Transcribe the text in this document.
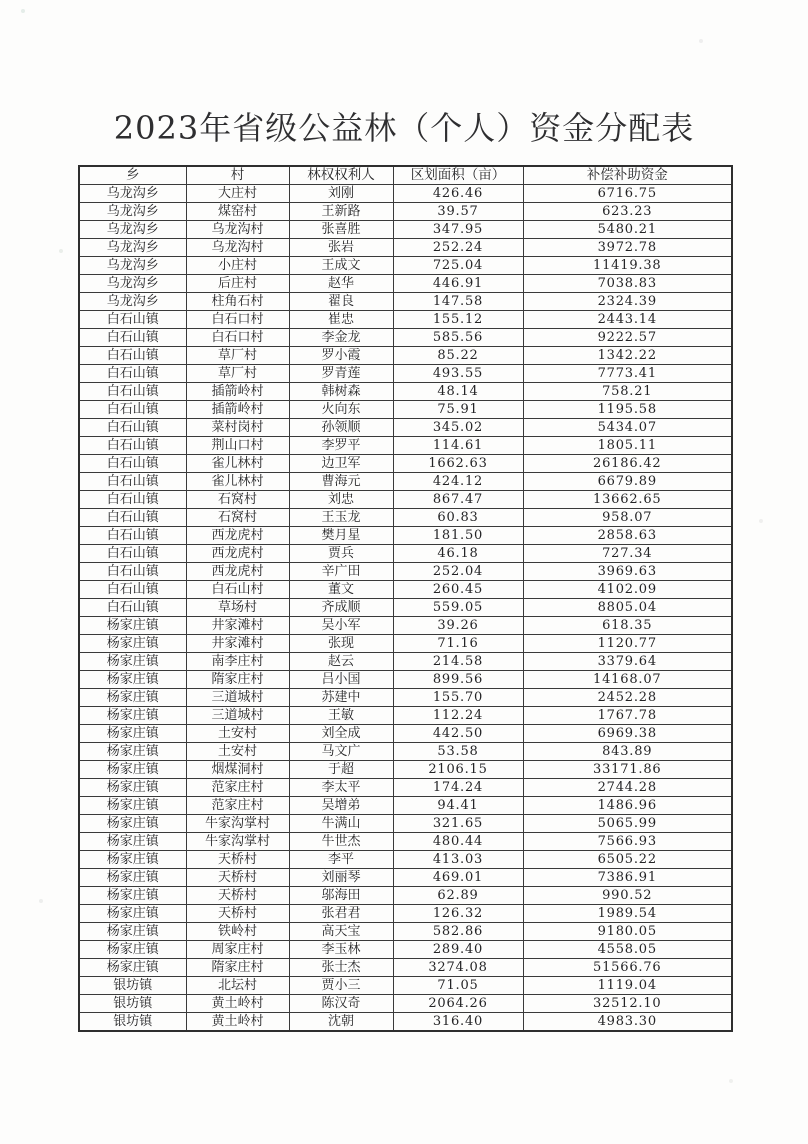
2023年省级公益林（个人）资金分配表
乡	村	林权权利人	区划面积（亩）	补偿补助资金
乌龙沟乡	大庄村	刘刚	426.46	6716.75
乌龙沟乡	煤窑村	王新路	39.57	623.23
乌龙沟乡	乌龙沟村	张喜胜	347.95	5480.21
乌龙沟乡	乌龙沟村	张岩	252.24	3972.78
乌龙沟乡	小庄村	王成文	725.04	11419.38
乌龙沟乡	后庄村	赵华	446.91	7038.83
乌龙沟乡	柱角石村	翟良	147.58	2324.39
白石山镇	白石口村	崔忠	155.12	2443.14
白石山镇	白石口村	李金龙	585.56	9222.57
白石山镇	草厂村	罗小霞	85.22	1342.22
白石山镇	草厂村	罗青莲	493.55	7773.41
白石山镇	插箭岭村	韩树森	48.14	758.21
白石山镇	插箭岭村	火向东	75.91	1195.58
白石山镇	菜村岗村	孙领顺	345.02	5434.07
白石山镇	荆山口村	李罗平	114.61	1805.11
白石山镇	雀儿林村	边卫军	1662.63	26186.42
白石山镇	雀儿林村	曹海元	424.12	6679.89
白石山镇	石窝村	刘忠	867.47	13662.65
白石山镇	石窝村	王玉龙	60.83	958.07
白石山镇	西龙虎村	樊月星	181.50	2858.63
白石山镇	西龙虎村	贾兵	46.18	727.34
白石山镇	西龙虎村	辛广田	252.04	3969.63
白石山镇	白石山村	董文	260.45	4102.09
白石山镇	草场村	齐成顺	559.05	8805.04
杨家庄镇	井家滩村	吴小军	39.26	618.35
杨家庄镇	井家滩村	张现	71.16	1120.77
杨家庄镇	南李庄村	赵云	214.58	3379.64
杨家庄镇	隋家庄村	吕小国	899.56	14168.07
杨家庄镇	三道城村	苏建中	155.70	2452.28
杨家庄镇	三道城村	王敏	112.24	1767.78
杨家庄镇	土安村	刘全成	442.50	6969.38
杨家庄镇	土安村	马文广	53.58	843.89
杨家庄镇	烟煤洞村	于超	2106.15	33171.86
杨家庄镇	范家庄村	李太平	174.24	2744.28
杨家庄镇	范家庄村	吴增弟	94.41	1486.96
杨家庄镇	牛家沟掌村	牛满山	321.65	5065.99
杨家庄镇	牛家沟掌村	牛世杰	480.44	7566.93
杨家庄镇	天桥村	李平	413.03	6505.22
杨家庄镇	天桥村	刘丽琴	469.01	7386.91
杨家庄镇	天桥村	邬海田	62.89	990.52
杨家庄镇	天桥村	张君君	126.32	1989.54
杨家庄镇	铁岭村	高天宝	582.86	9180.05
杨家庄镇	周家庄村	李玉林	289.40	4558.05
杨家庄镇	隋家庄村	张士杰	3274.08	51566.76
银坊镇	北坛村	贾小三	71.05	1119.04
银坊镇	黄土岭村	陈汉奇	2064.26	32512.10
银坊镇	黄土岭村	沈朝	316.40	4983.30
